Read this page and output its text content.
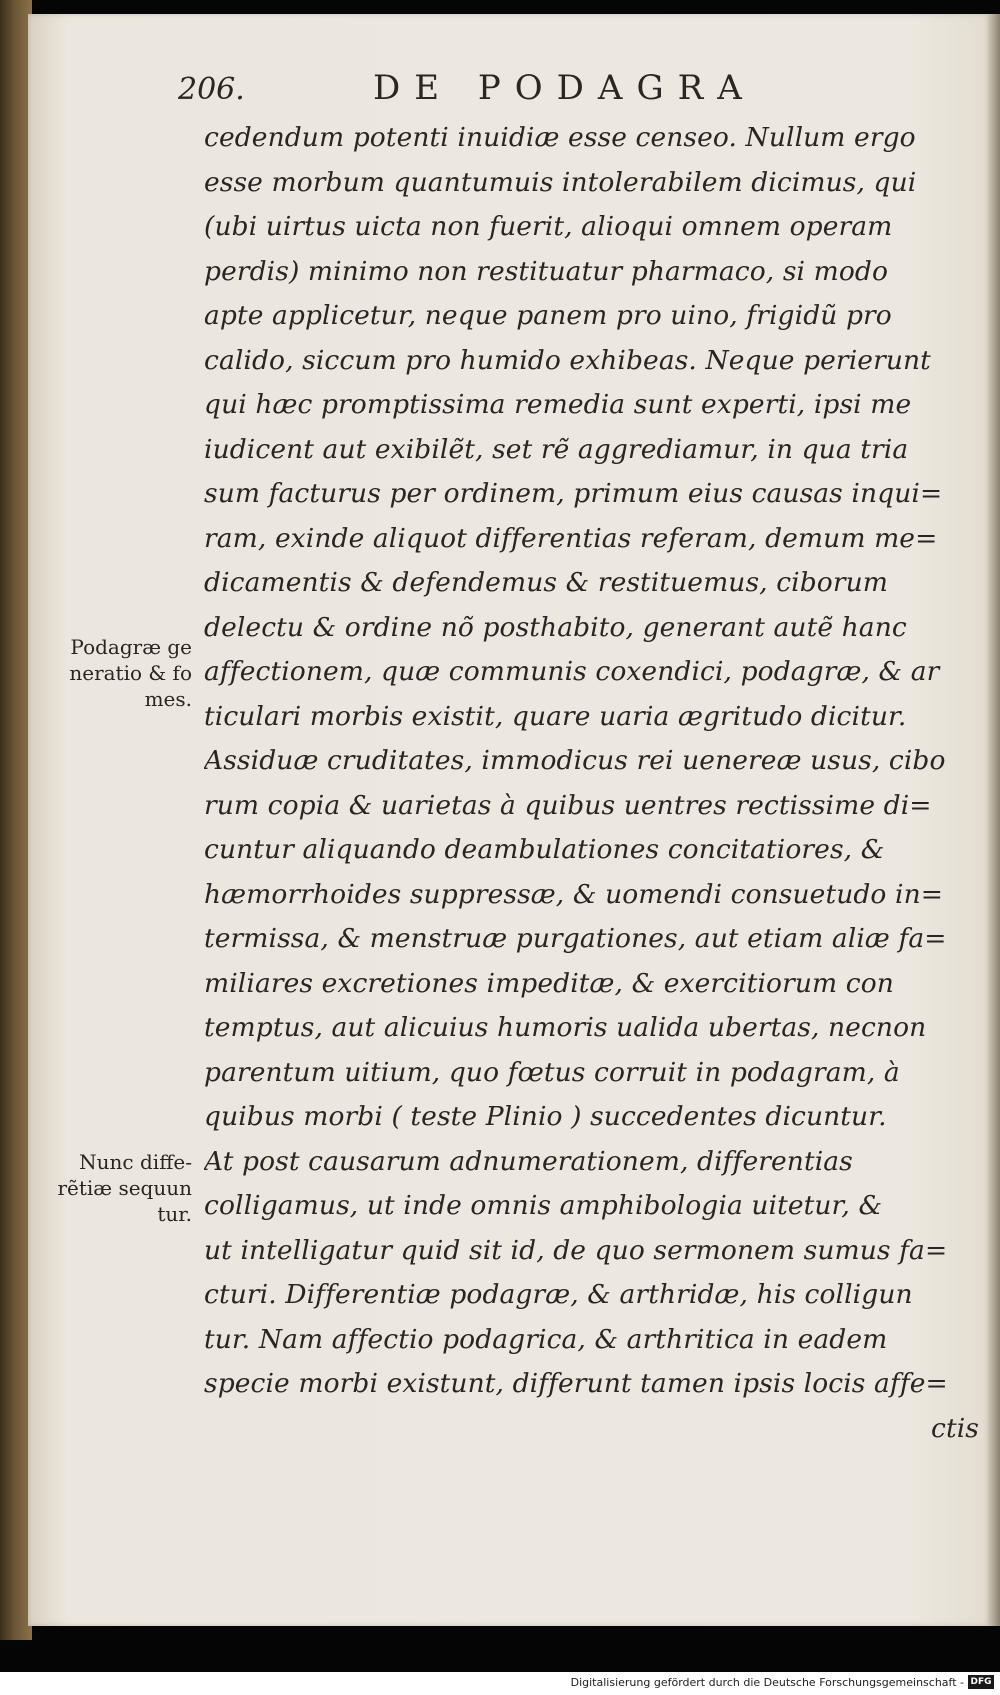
206.	DE PODAGRA
cedendum potenti inuidiæ esse censeo. Nullum ergo
esse morbum quantumuis intolerabilem dicimus, qui
(ubi uirtus uicta non fuerit, alioqui omnem operam
perdis) minimo non restituatur pharmaco, si modo
apte applicetur, neque panem pro uino, frigidũ pro
calido, siccum pro humido exhibeas. Neque perierunt
qui hæc promptissima remedia sunt experti, ipsi me
iudicent aut exibilẽt, set rẽ aggrediamur, in qua tria
sum facturus per ordinem, primum eius causas inqui=
ram, exinde aliquot differentias referam, demum me=
dicamentis & defendemus & restituemus, ciborum
delectu & ordine nõ posthabito, generant autẽ hanc
affectionem, quæ communis coxendici, podagræ, & ar
ticulari morbis existit, quare uaria ægritudo dicitur.
Assiduæ cruditates, immodicus rei uenereæ usus, cibo
rum copia & uarietas à quibus uentres rectissime di=
cuntur aliquando deambulationes concitatiores, &
hæmorrhoides suppressæ, & uomendi consuetudo in=
termissa, & menstruæ purgationes, aut etiam aliæ fa=
miliares excretiones impeditæ, & exercitiorum con
temptus, aut alicuius humoris ualida ubertas, necnon
parentum uitium, quo fœtus corruit in podagram, à
quibus morbi ( teste Plinio ) succedentes dicuntur.
At post causarum adnumerationem, differentias
colligamus, ut inde omnis amphibologia uitetur, &
ut intelligatur quid sit id, de quo sermonem sumus fa=
cturi. Differentiæ podagræ, & arthridæ, his colligun
tur. Nam affectio podagrica, & arthritica in eadem
specie morbi existunt, differunt tamen ipsis locis affe=
ctis
Podagræ ge
neratio & fo
mes.
Nunc diffe-
rẽtiæ sequun
tur.
Digitalisierung gefördert durch die Deutsche Forschungsgemeinschaft - DFG
